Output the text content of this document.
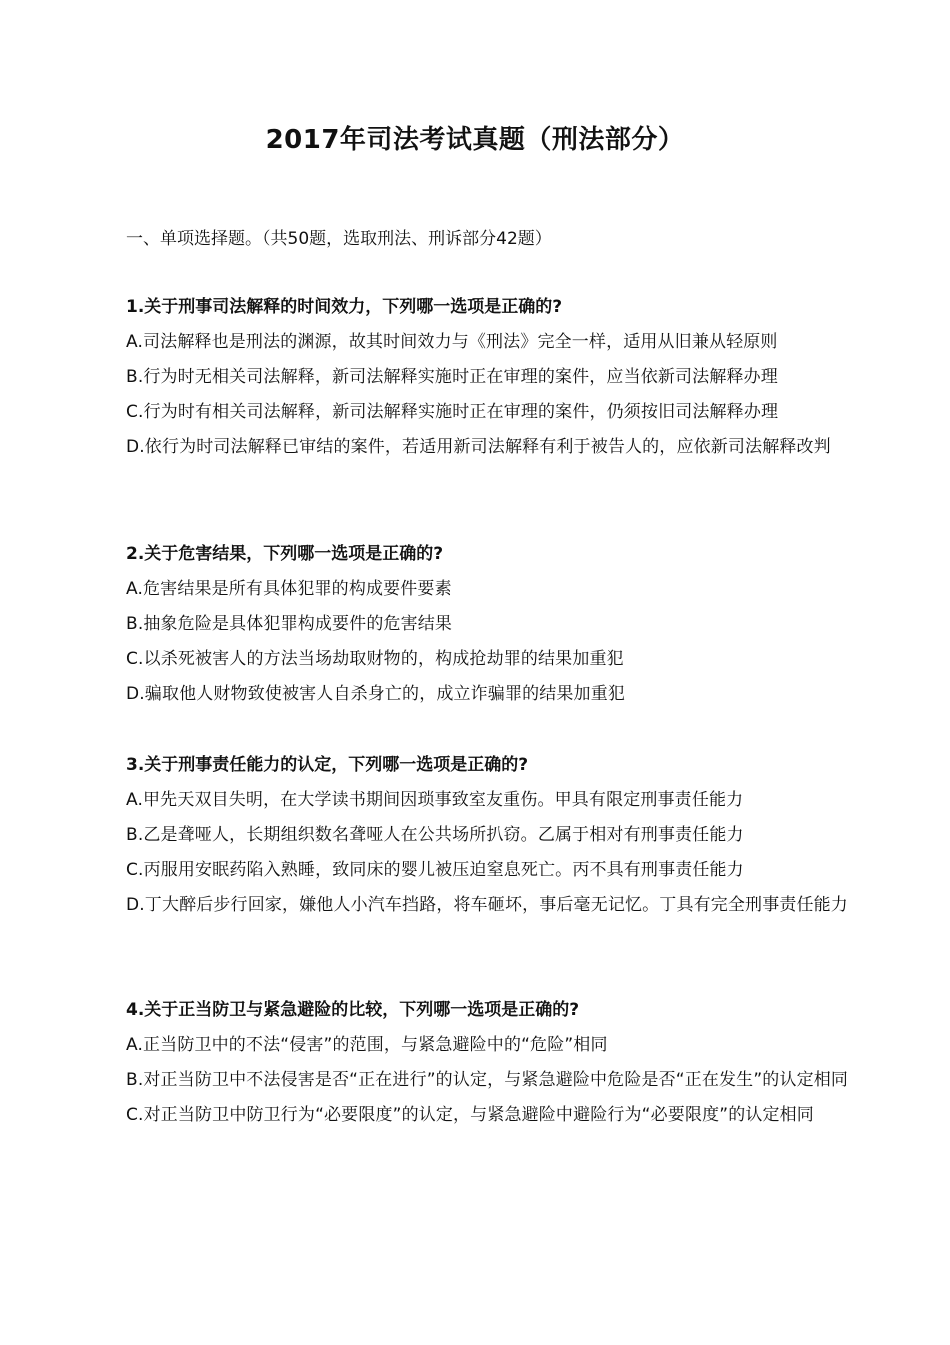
2017年司法考试真题（刑法部分）
一、单项选择题。（共50题，选取刑法、刑诉部分42题）
1.关于刑事司法解释的时间效力，下列哪一选项是正确的?
A.司法解释也是刑法的渊源，故其时间效力与《刑法》完全一样，适用从旧兼从轻原则
B.行为时无相关司法解释，新司法解释实施时正在审理的案件，应当依新司法解释办理
C.行为时有相关司法解释，新司法解释实施时正在审理的案件，仍须按旧司法解释办理
D.依行为时司法解释已审结的案件，若适用新司法解释有利于被告人的，应依新司法解释改判
2.关于危害结果，下列哪一选项是正确的?
A.危害结果是所有具体犯罪的构成要件要素
B.抽象危险是具体犯罪构成要件的危害结果
C.以杀死被害人的方法当场劫取财物的，构成抢劫罪的结果加重犯
D.骗取他人财物致使被害人自杀身亡的，成立诈骗罪的结果加重犯
3.关于刑事责任能力的认定，下列哪一选项是正确的?
A.甲先天双目失明，在大学读书期间因琐事致室友重伤。甲具有限定刑事责任能力
B.乙是聋哑人，长期组织数名聋哑人在公共场所扒窃。乙属于相对有刑事责任能力
C.丙服用安眠药陷入熟睡，致同床的婴儿被压迫窒息死亡。丙不具有刑事责任能力
D.丁大醉后步行回家，嫌他人小汽车挡路，将车砸坏，事后毫无记忆。丁具有完全刑事责任能力
4.关于正当防卫与紧急避险的比较，下列哪一选项是正确的?
A.正当防卫中的不法“侵害”的范围，与紧急避险中的“危险”相同
B.对正当防卫中不法侵害是否“正在进行”的认定，与紧急避险中危险是否“正在发生”的认定相同
C.对正当防卫中防卫行为“必要限度”的认定，与紧急避险中避险行为“必要限度”的认定相同
